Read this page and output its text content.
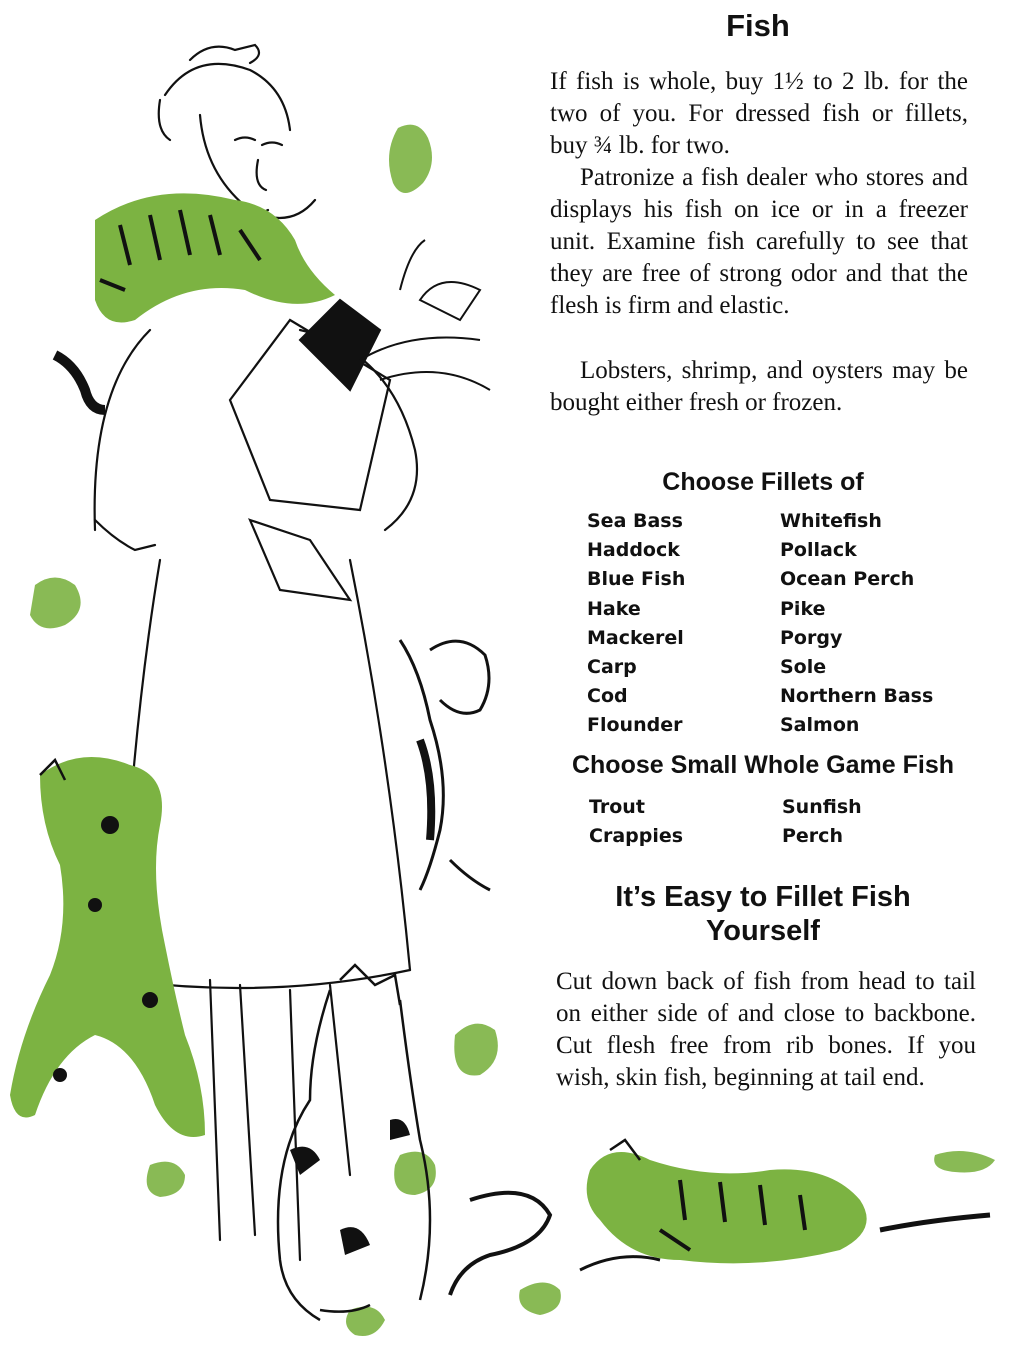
Fish

If fish is whole, buy 1½ to 2 lb. for the two of you. For dressed fish or fillets, buy ¾ lb. for two.

Patronize a fish dealer who stores and displays his fish on ice or in a freezer unit. Examine fish carefully to see that they are free of strong odor and that the flesh is firm and elastic.

Lobsters, shrimp, and oysters may be bought either fresh or frozen.

Choose Fillets of
Sea Bass
Haddock
Blue Fish
Hake
Mackerel
Carp
Cod
Flounder
Whitefish
Pollack
Ocean Perch
Pike
Porgy
Sole
Northern Bass
Salmon
Choose Small Whole Game Fish
Trout
Crappies
Sunfish
Perch
It’s Easy to Fillet Fish
Yourself

Cut down back of fish from head to tail on either side of and close to backbone. Cut flesh free from rib bones. If you wish, skin fish, beginning at tail end.
